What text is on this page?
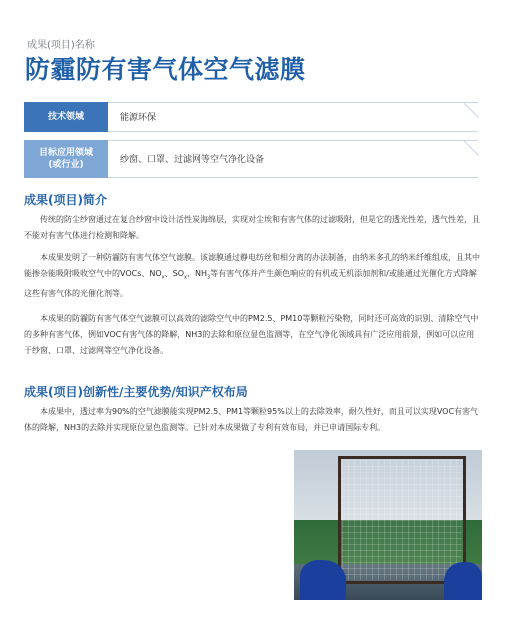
成果(项目)名称
防霾防有害气体空气滤膜
技术领域	能源环保
目标应用领域
(或行业)
纱窗、口罩、过滤网等空气净化设备
成果(项目)简介
传统的防尘纱窗通过在复合纱窗中设计活性炭海绵层，实现对尘埃和有害气体的过滤吸附，但是它的透光性差，透气性差，且不能对有害气体进行检测和降解。
本成果发明了一种防霾防有害气体空气滤膜。该滤膜通过静电纺丝和相分离的办法制备，由纳米多孔的纳米纤维组成，且其中能掺杂能吸附吸收空气中的VOCs、$NO_x$、$SO_x$、$NH_3$等有害气体并产生颜色响应的有机或无机添加剂和/或能通过光催化方式降解这些有害气体的光催化剂等。
本成果的防霾防有害气体空气滤膜可以高效的滤除空气中的PM2.5、PM10等颗粒污染物，同时还可高效的识别、清除空气中的多种有害气体，例如VOC有害气体的降解，NH3的去除和原位显色监测等，在空气净化领域具有广泛应用前景，例如可以应用于纱窗、口罩、过滤网等空气净化设备。
成果(项目)创新性/主要优势/知识产权布局
本成果中，透过率为90%的空气滤膜能实现PM2.5、PM1等颗粒95%以上的去除效率，耐久性好，而且可以实现VOC有害气体的降解，NH3的去除并实现原位显色监测等。已针对本成果做了专利有效布局，并已申请国际专利。
